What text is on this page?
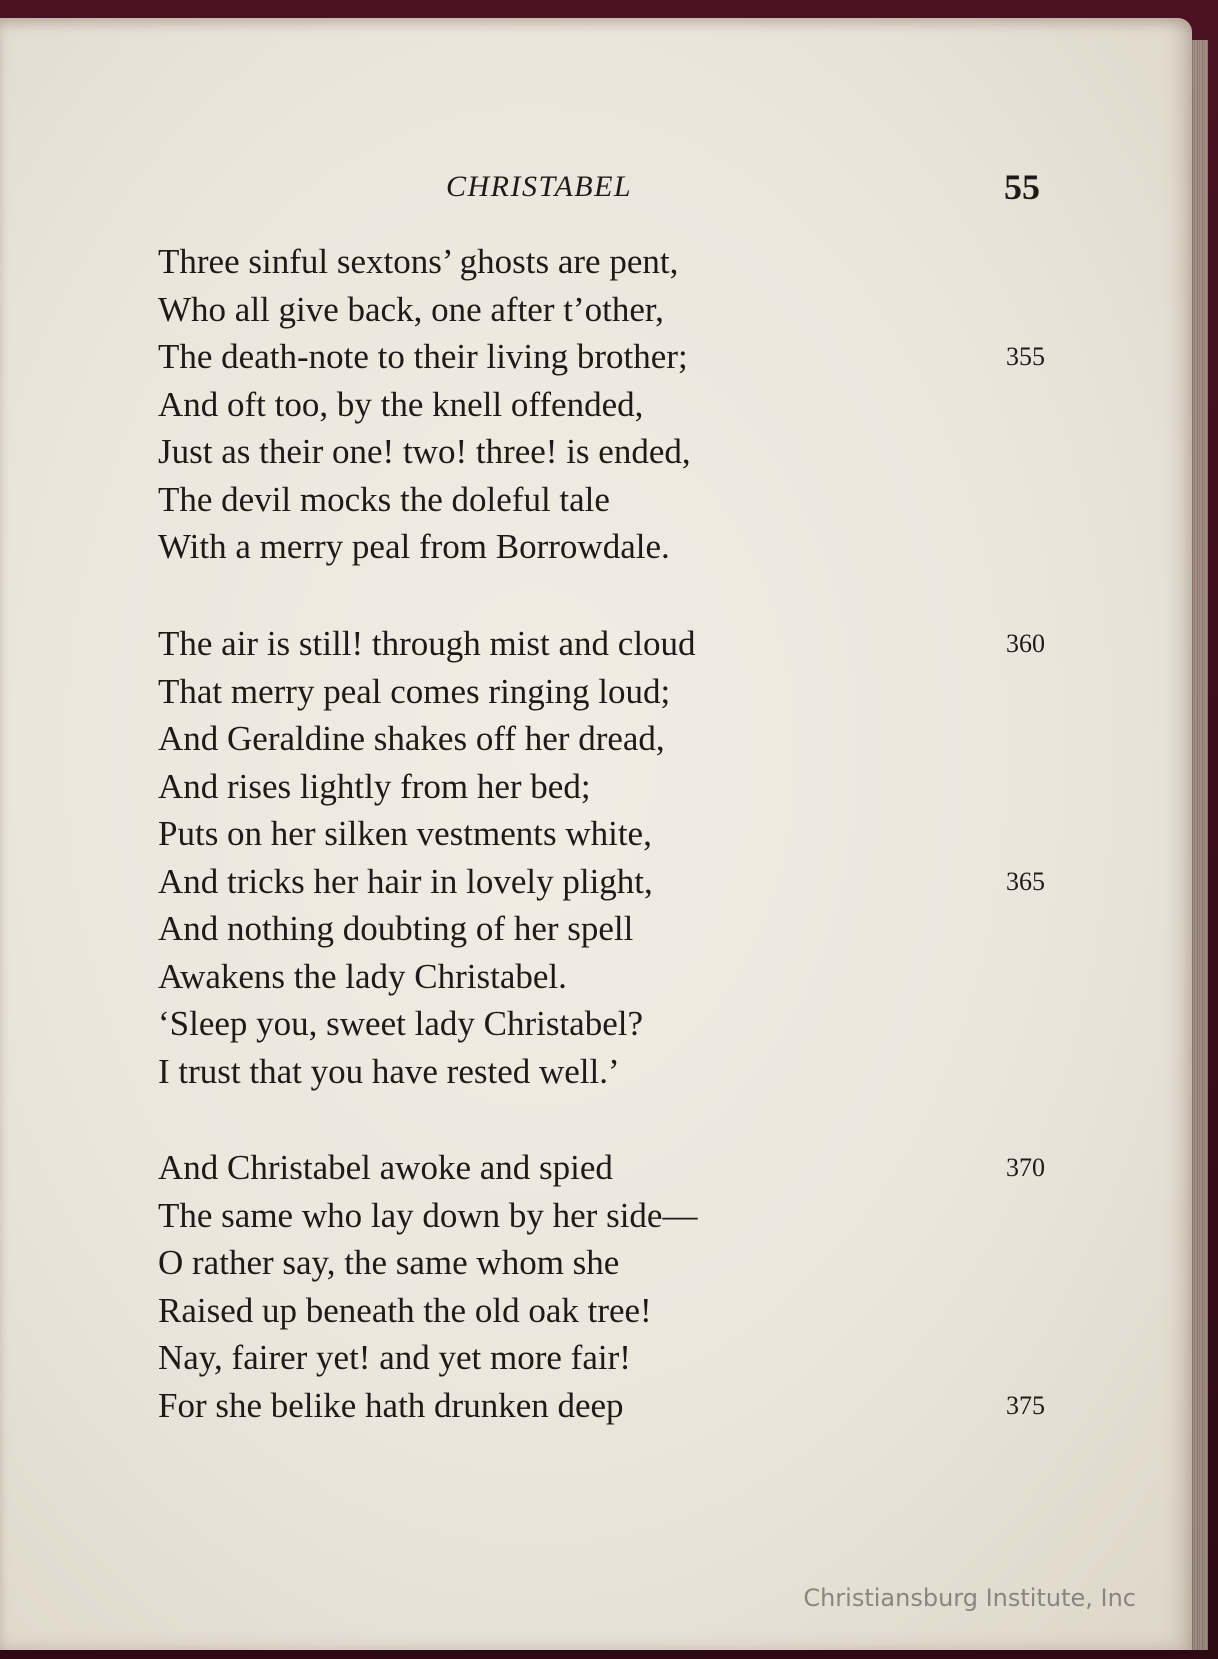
CHRISTABEL	55
Three sinful sextons’ ghosts are pent,
Who all give back, one after t’other,
The death-note to their living brother;	355
And oft too, by the knell offended,
Just as their one! two! three! is ended,
The devil mocks the doleful tale
With a merry peal from Borrowdale.
The air is still! through mist and cloud	360
That merry peal comes ringing loud;
And Geraldine shakes off her dread,
And rises lightly from her bed;
Puts on her silken vestments white,
And tricks her hair in lovely plight,	365
And nothing doubting of her spell
Awakens the lady Christabel.
‘Sleep you, sweet lady Christabel?
I trust that you have rested well.’
And Christabel awoke and spied	370
The same who lay down by her side—
O rather say, the same whom she
Raised up beneath the old oak tree!
Nay, fairer yet! and yet more fair!
For she belike hath drunken deep	375
Christiansburg Institute, Inc
